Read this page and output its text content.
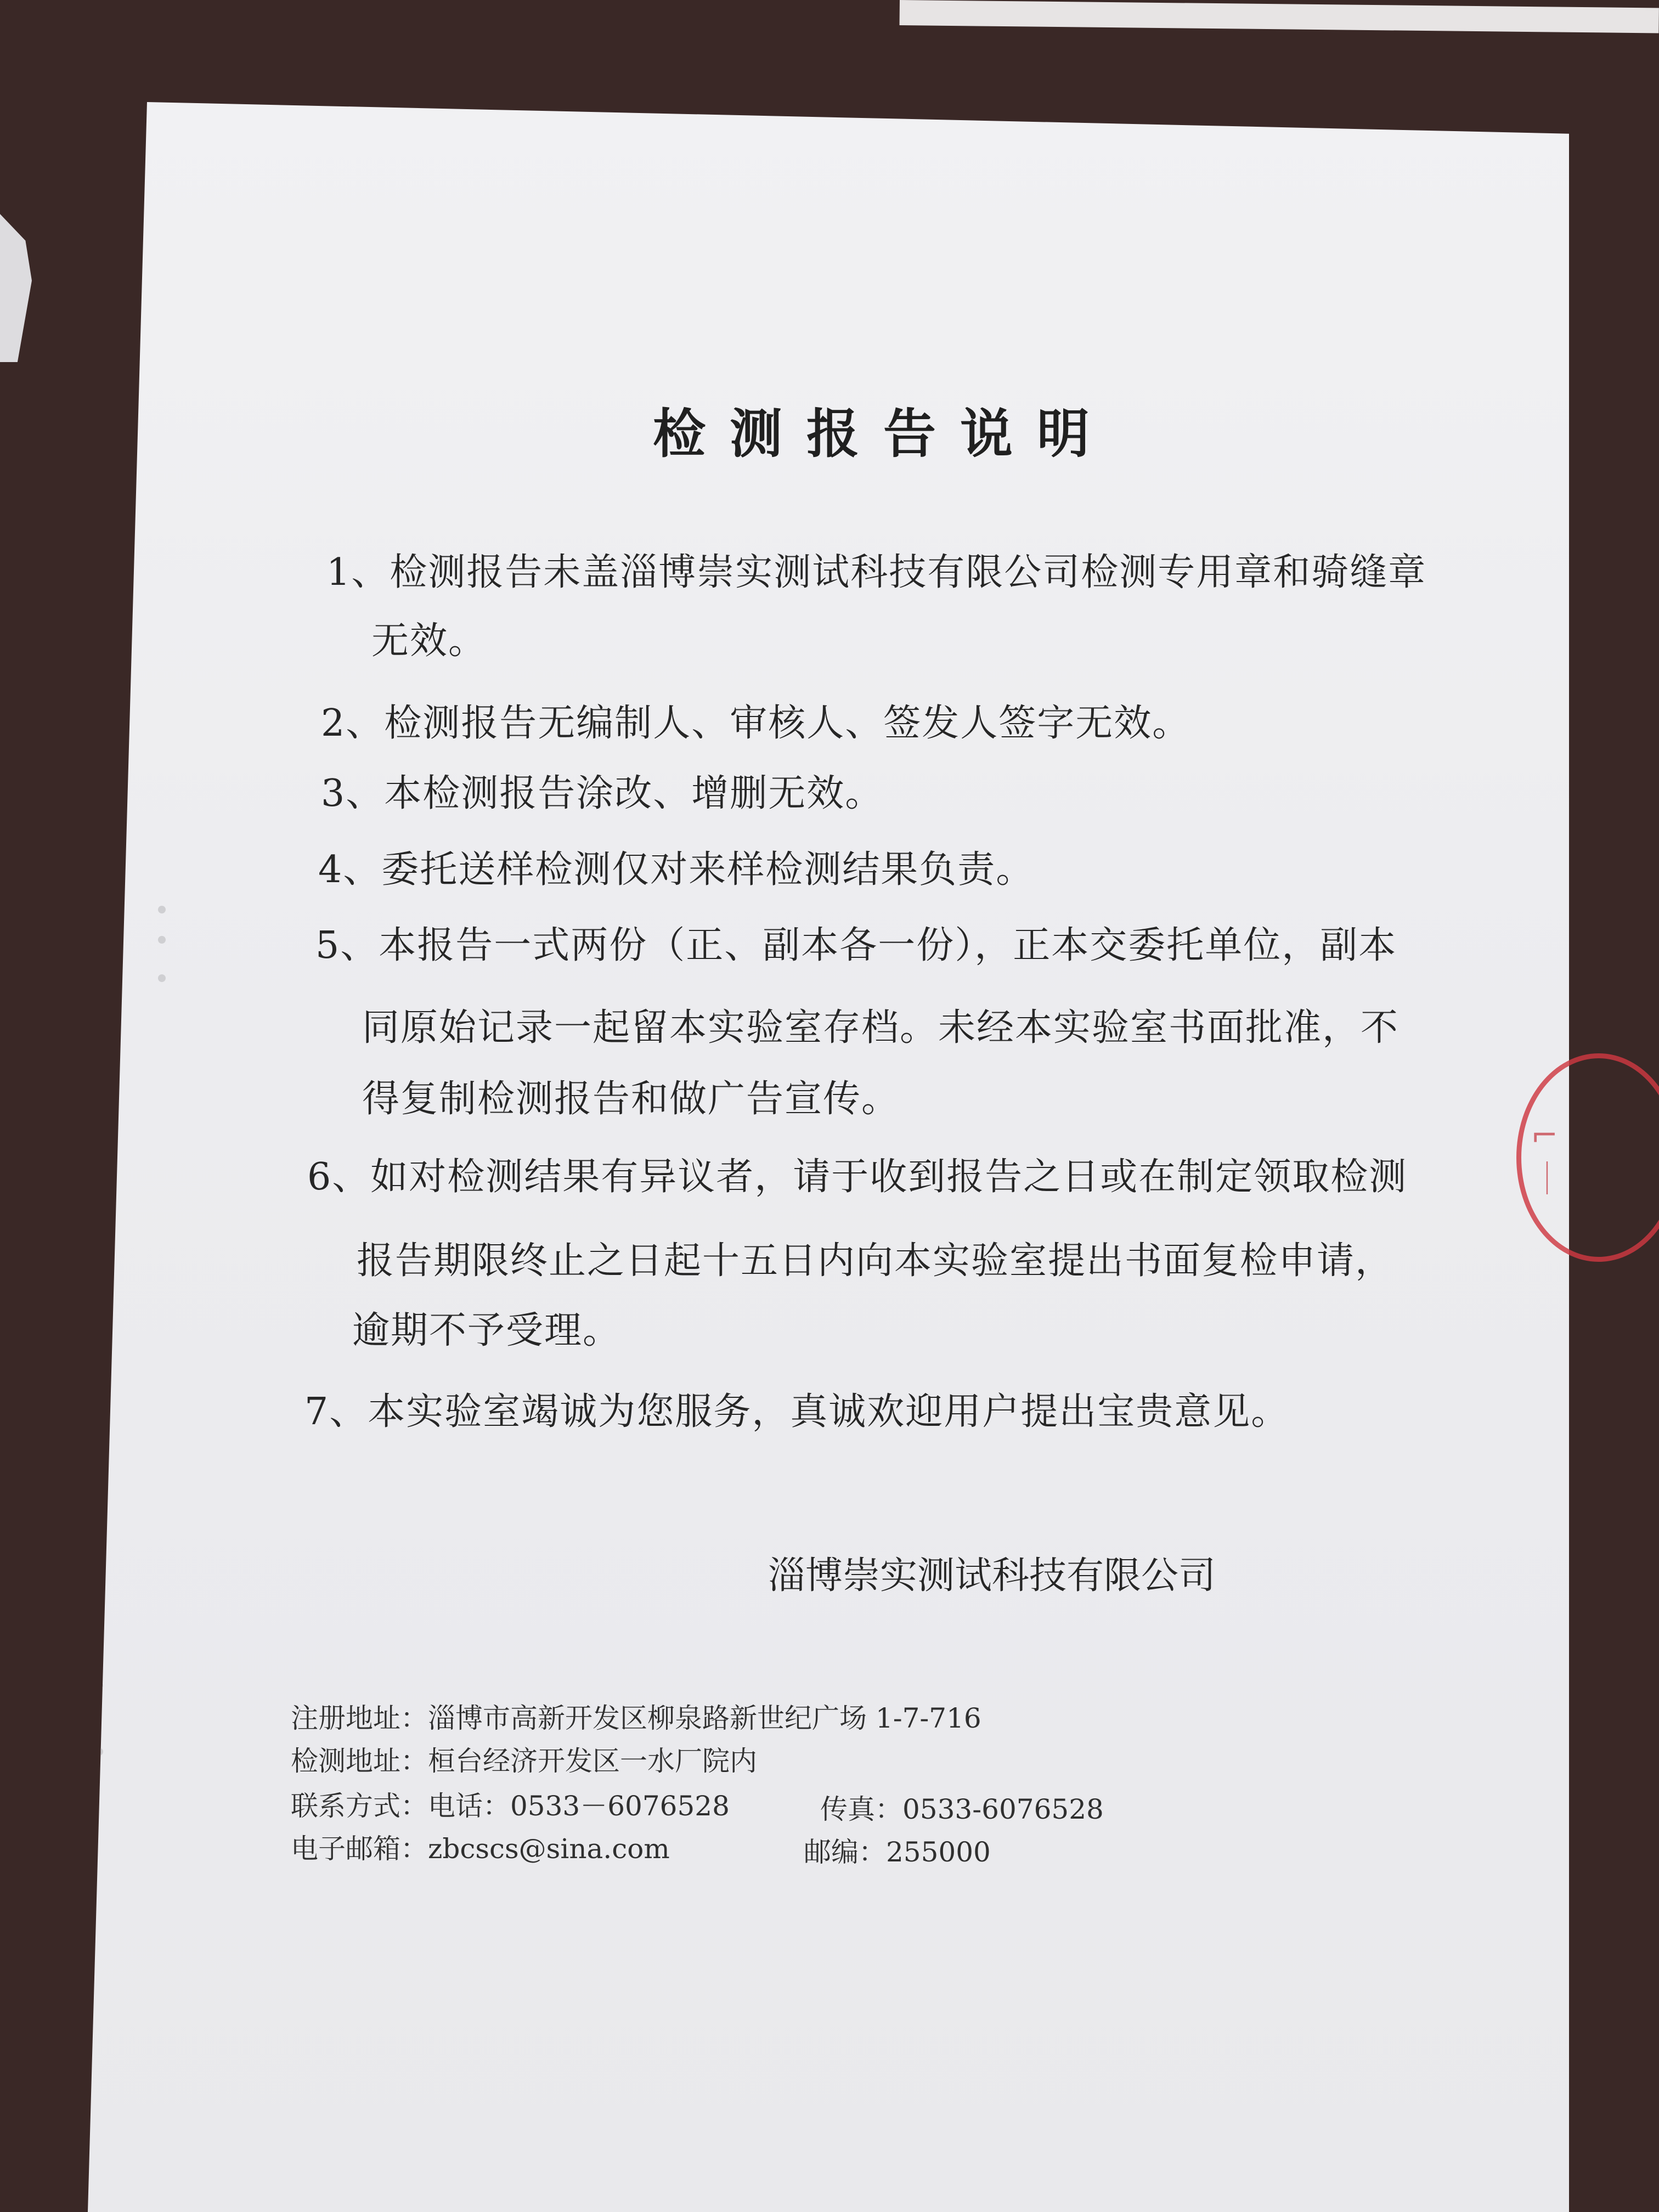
检测报告说明
1、检测报告未盖淄博崇实测试科技有限公司检测专用章和骑缝章
无效。
2、检测报告无编制人、审核人、签发人签字无效。
3、本检测报告涂改、增删无效。
4、委托送样检测仅对来样检测结果负责。
5、本报告一式两份（正、副本各一份），正本交委托单位，副本
同原始记录一起留本实验室存档。未经本实验室书面批准，不
得复制检测报告和做广告宣传。
6、如对检测结果有异议者，请于收到报告之日或在制定领取检测
报告期限终止之日起十五日内向本实验室提出书面复检申请，
逾期不予受理。
7、本实验室竭诚为您服务，真诚欢迎用户提出宝贵意见。
淄博崇实测试科技有限公司
注册地址：淄博市高新开发区柳泉路新世纪广场 1-7-716
检测地址：桓台经济开发区一水厂院内
联系方式：电话：0533－6076528	传真：0533-6076528
电子邮箱：zbcscs@sina.com	邮编：255000
⌐
｜
